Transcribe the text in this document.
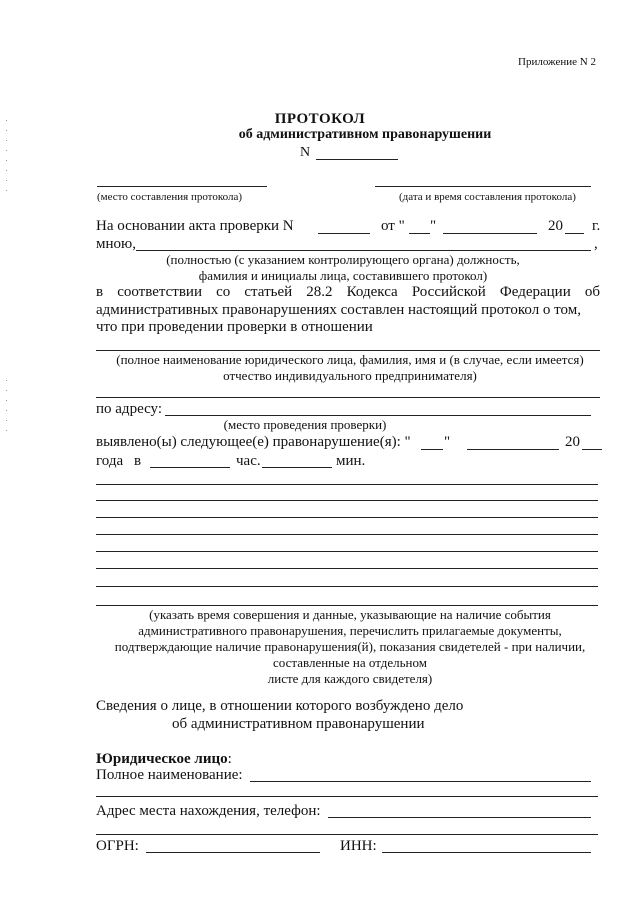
Приложение N 2
ПРОТОКОЛ
об административном правонарушении
N
(место составления протокола)	(дата и время составления протокола)
На основании акта проверки N	от " "	20 г.
мною,	,
(полностью (с указанием контролирующего органа) должность,
фамилия и инициалы лица, составившего протокол)
в соответствии со статьей 28.2 Кодекса Российской Федерации об
административных правонарушениях составлен настоящий протокол о том,
что при проведении проверки в отношении
(полное наименование юридического лица, фамилия, имя и (в случае, если имеется)
отчество индивидуального предпринимателя)
по адресу:
(место проведения проверки)
выявлено(ы) следующее(е) правонарушение(я): " "	20
года в	час.	мин.
(указать время совершения и данные, указывающие на наличие события
административного правонарушения, перечислить прилагаемые документы,
подтверждающие наличие правонарушения(й), показания свидетелей - при наличии,
составленные на отдельном
листе для каждого свидетеля)
Сведения о лице, в отношении которого возбуждено дело
об административном правонарушении
Юридическое лицо:
Полное наименование:
Адрес места нахождения, телефон:
ОГРН:	ИНН:
